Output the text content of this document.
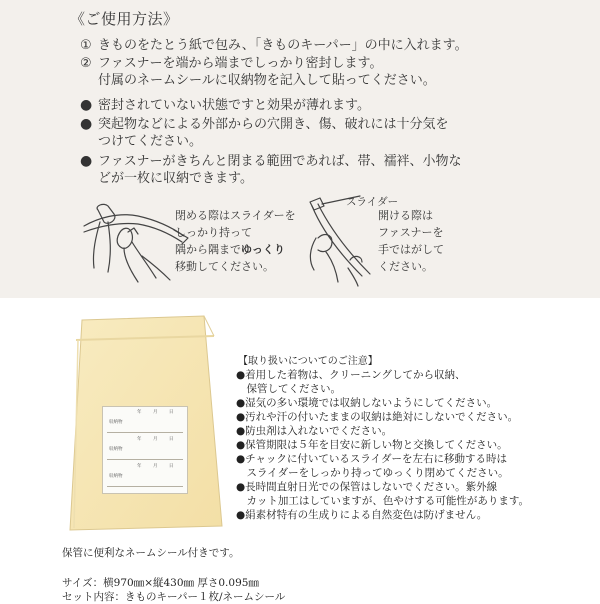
《ご使用方法》
① きものをたとう紙で包み、「きものキーパー」の中に入れます。
② ファスナーを端から端までしっかり密封します。
付属のネームシールに収納物を記入して貼ってください。
● 密封されていない状態ですと効果が薄れます。
● 突起物などによる外部からの穴開き、傷、破れには十分気を
つけてください。
● ファスナーがきちんと閉まる範囲であれば、帯、襦袢、小物な
どが一枚に収納できます。
閉める際はスライダーを
しっかり持って
隅から隅までゆっくり
移動してください。
スライダー
開ける際は
ファスナーを
手ではがして
ください。
収納物
収納物
収納物
年	月	日
年	月	日
年	月	日
【取り扱いについてのご注意】
●着用した着物は、クリーニングしてから収納、
　保管してください。
●湿気の多い環境では収納しないようにしてください。
●汚れや汗の付いたままの収納は絶対にしないでください。
●防虫剤は入れないでください。
●保管期限は５年を目安に新しい物と交換してください。
●チャックに付いているスライダーを左右に移動する時は
　スライダーをしっかり持ってゆっくり閉めてください。
●長時間直射日光での保管はしないでください。紫外線
　カット加工はしていますが、色やけする可能性があります。
●絹素材特有の生成りによる自然変色は防げません。
保管に便利なネームシール付きです。
サイズ：横970㎜×縦430㎜ 厚さ0.095㎜
セット内容：きものキーパー１枚/ネームシール
